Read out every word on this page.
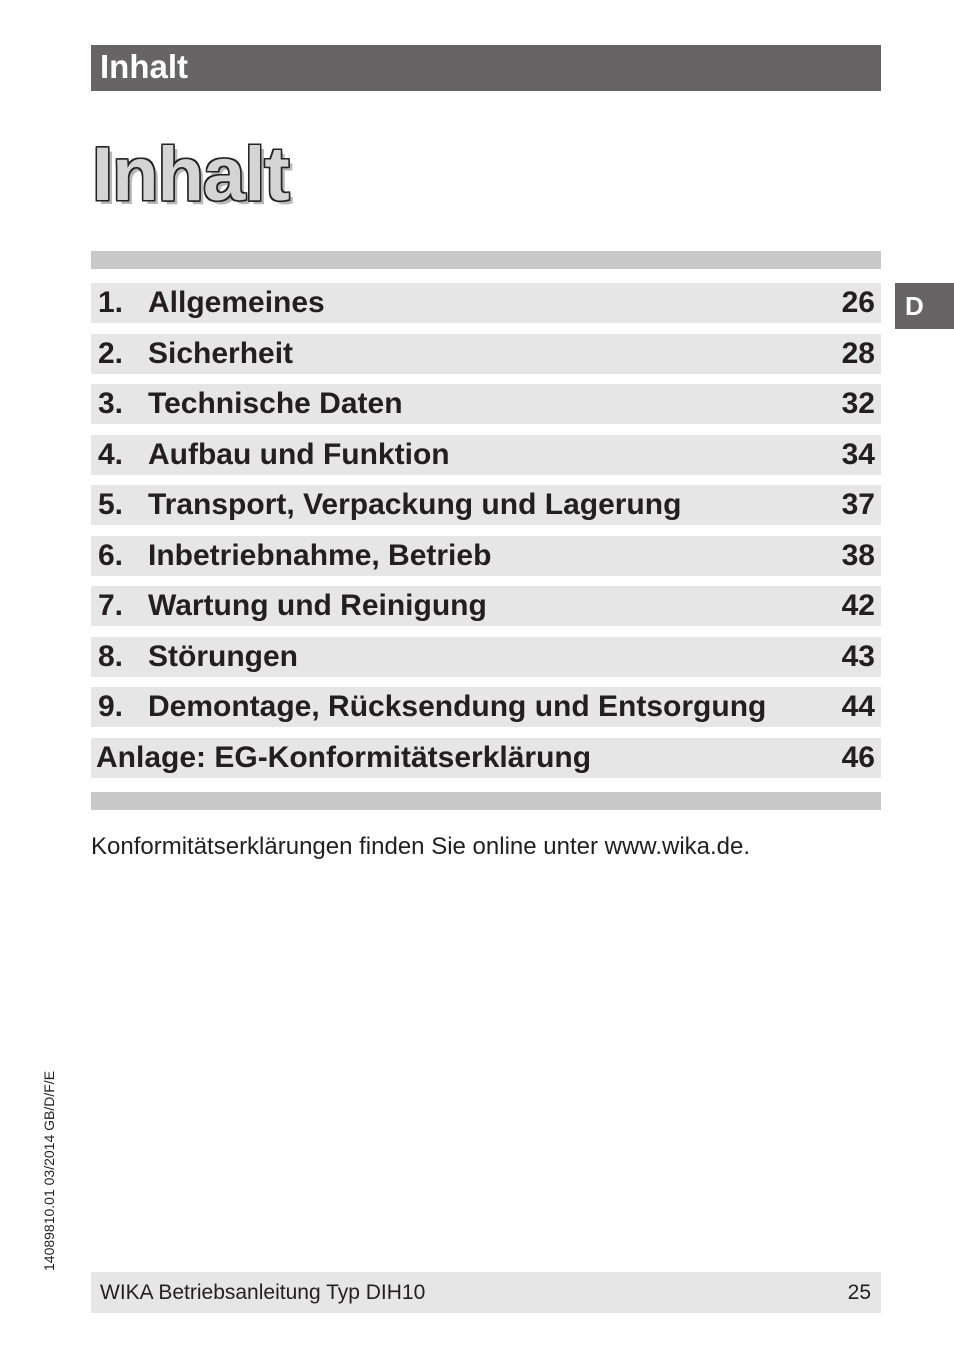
Inhalt
Inhalt
D
1. Allgemeines	26
2. Sicherheit	28
3. Technische Daten	32
4. Aufbau und Funktion	34
5. Transport, Verpackung und Lagerung	37
6. Inbetriebnahme, Betrieb	38
7. Wartung und Reinigung	42
8. Störungen	43
9. Demontage, Rücksendung und Entsorgung	44
Anlage: EG-Konformitätserklärung	46
Konformitätserklärungen finden Sie online unter www.wika.de.
14089810.01 03/2014 GB/D/F/E
WIKA Betriebsanleitung Typ DIH10	25
